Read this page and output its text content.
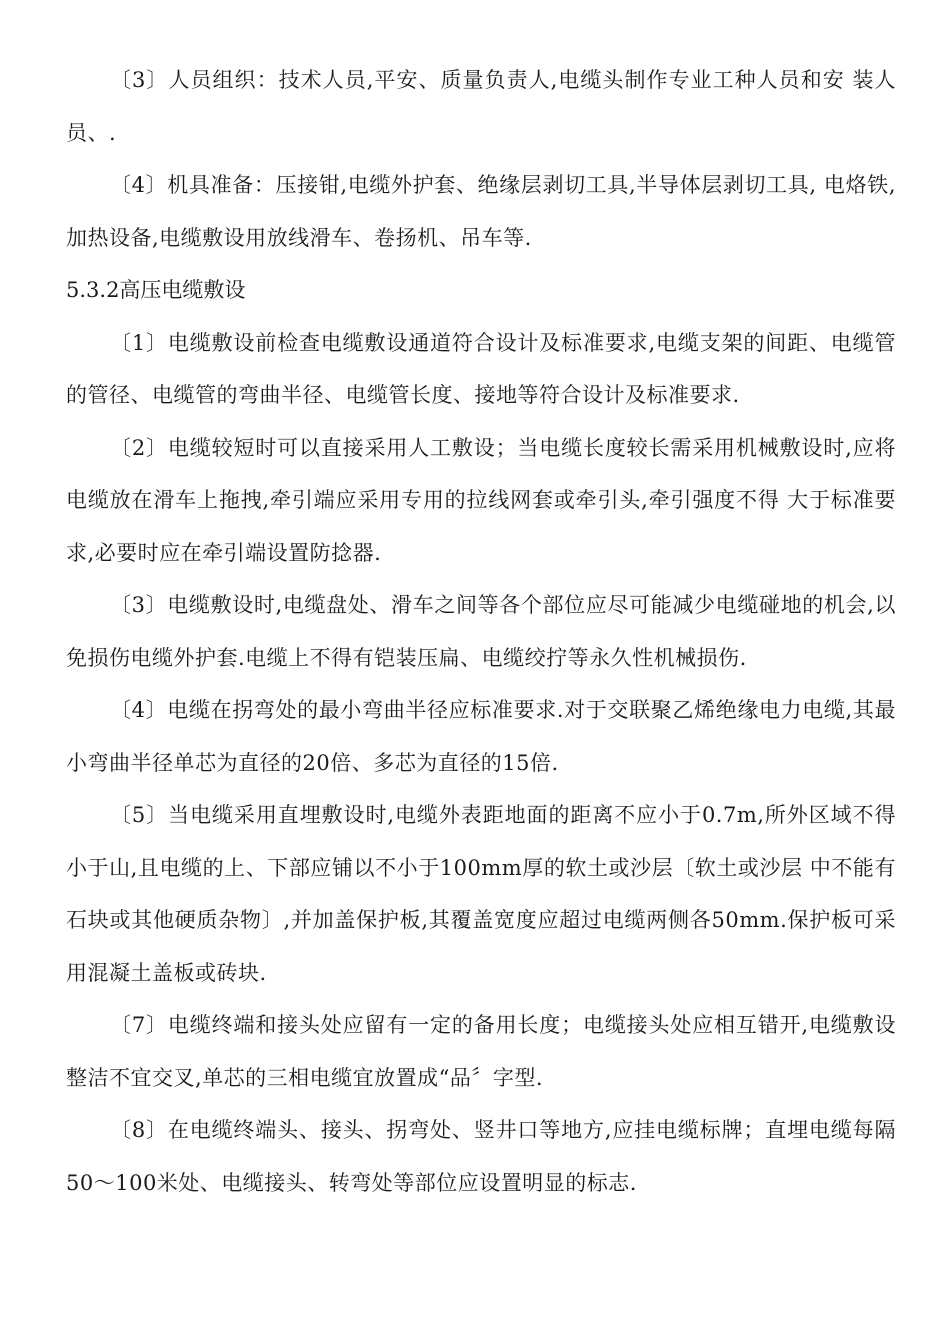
〔3〕人员组织：技术人员,平安、质量负责人,电缆头制作专业工种人员和安 装人员、.

〔4〕机具准备：压接钳,电缆外护套、绝缘层剥切工具,半导体层剥切工具, 电烙铁,加热设备,电缆敷设用放线滑车、卷扬机、吊车等.

5.3.2高压电缆敷设

〔1〕电缆敷设前检查电缆敷设通道符合设计及标准要求,电缆支架的间距、电缆管的管径、电缆管的弯曲半径、电缆管长度、接地等符合设计及标准要求.

〔2〕电缆较短时可以直接采用人工敷设；当电缆长度较长需采用机械敷设时,应将电缆放在滑车上拖拽,牵引端应采用专用的拉线网套或牵引头,牵引强度不得 大于标准要求,必要时应在牵引端设置防捻器.

〔3〕电缆敷设时,电缆盘处、滑车之间等各个部位应尽可能减少电缆碰地的机会,以免损伤电缆外护套.电缆上不得有铠装压扁、电缆绞拧等永久性机械损伤.

〔4〕电缆在拐弯处的最小弯曲半径应标准要求.对于交联聚乙烯绝缘电力电缆,其最小弯曲半径单芯为直径的20倍、多芯为直径的15倍.

〔5〕当电缆采用直埋敷设时,电缆外表距地面的距离不应小于0.7m,所外区域不得小于山,且电缆的上、下部应铺以不小于100mm厚的软土或沙层〔软土或沙层 中不能有石块或其他硬质杂物〕,并加盖保护板,其覆盖宽度应超过电缆两侧各50mm.保护板可采用混凝土盖板或砖块.

〔7〕电缆终端和接头处应留有一定的备用长度；电缆接头处应相互错开,电缆敷设整洁不宜交叉,单芯的三相电缆宜放置成“品〞字型.

〔8〕在电缆终端头、接头、拐弯处、竖井口等地方,应挂电缆标牌；直埋电缆每隔50〜100米处、电缆接头、转弯处等部位应设置明显的标志.
